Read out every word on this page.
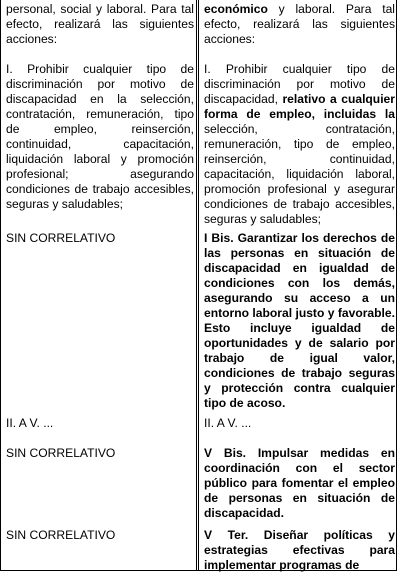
personal, social y laboral. Para tal efecto, realizará las siguientes acciones:

I. Prohibir cualquier tipo de discriminación por motivo de discapacidad en la selección, contratación, remuneración, tipo de empleo, reinserción, continuidad, capacitación, liquidación laboral y promoción profesional; asegurando condiciones de trabajo accesibles, seguras y saludables;

SIN CORRELATIVO

II. A V. ...

SIN CORRELATIVO

SIN CORRELATIVO

económico y laboral. Para tal efecto, realizará las siguientes acciones:

I. Prohibir cualquier tipo de discriminación por motivo de discapacidad, relativo a cualquier forma de empleo, incluidas la selección, contratación, remuneración, tipo de empleo, reinserción, continuidad, capacitación, liquidación laboral, promoción profesional y asegurar condiciones de trabajo accesibles, seguras y saludables;

I Bis. Garantizar los derechos de las personas en situación de discapacidad en igualdad de condiciones con los demás, asegurando su acceso a un entorno laboral justo y favorable. Esto incluye igualdad de oportunidades y de salario por trabajo de igual valor, condiciones de trabajo seguras y protección contra cualquier tipo de acoso.

II. A V. ...

V Bis. Impulsar medidas en coordinación con el sector público para fomentar el empleo de personas en situación de discapacidad.

V Ter. Diseñar políticas y estrategias efectivas para implementar programas de
